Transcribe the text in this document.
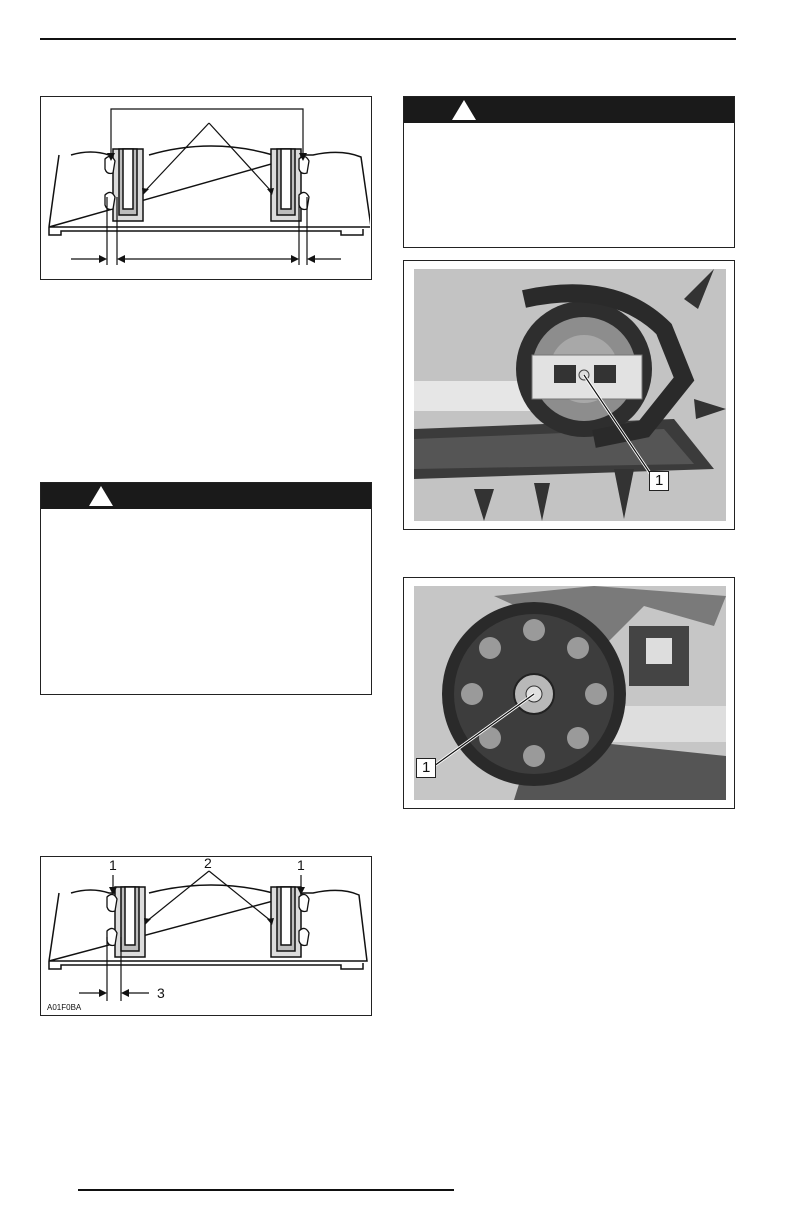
1	2	1
3
A01F0BA
1
1
